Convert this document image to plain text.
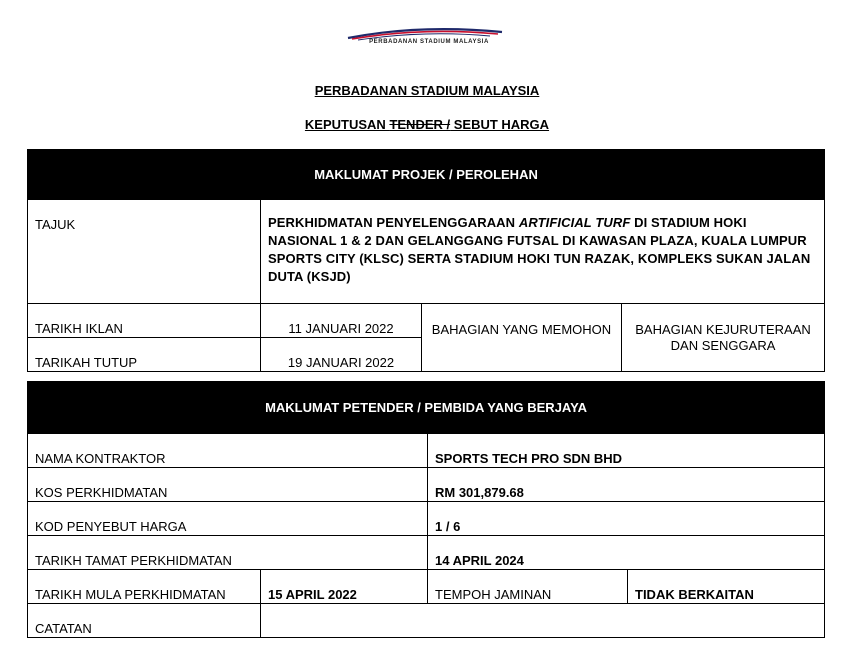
PERBADANAN STADIUM MALAYSIA
PERBADANAN STADIUM MALAYSIA
KEPUTUSAN TENDER / SEBUT HARGA
MAKLUMAT PROJEK / PEROLEHAN			
TAJUK	PERKHIDMATAN PENYELENGGARAAN ARTIFICIAL TURF DI STADIUM HOKI NASIONAL 1 & 2 DAN GELANGGANG FUTSAL DI KAWASAN PLAZA, KUALA LUMPUR SPORTS CITY (KLSC) SERTA STADIUM HOKI TUN RAZAK, KOMPLEKS SUKAN JALAN DUTA (KSJD)		
TARIKH IKLAN	11 JANUARI 2022	BAHAGIAN YANG MEMOHON	BAHAGIAN KEJURUTERAAN DAN SENGGARA
TARIKAH TUTUP	19 JANUARI 2022		
MAKLUMAT PETENDER / PEMBIDA YANG BERJAYA			
NAMA KONTRAKTOR		SPORTS TECH PRO SDN BHD	
KOS PERKHIDMATAN		RM 301,879.68	
KOD PENYEBUT HARGA		1 / 6	
TARIKH TAMAT PERKHIDMATAN		14 APRIL 2024	
TARIKH MULA PERKHIDMATAN	15 APRIL 2022	TEMPOH JAMINAN	TIDAK BERKAITAN
CATATAN			
